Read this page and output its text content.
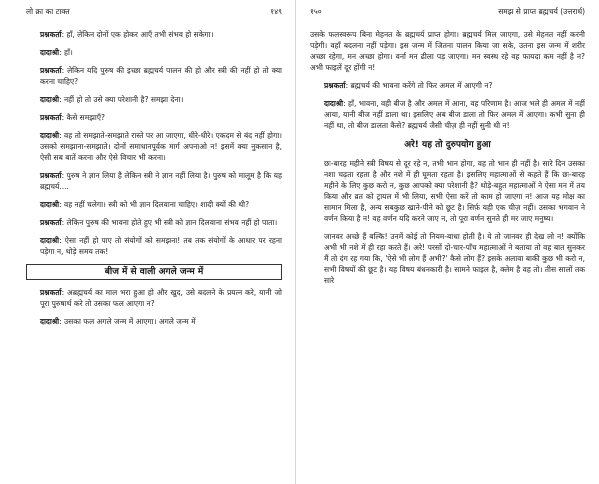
लो क्रा का टाक्त	१४९

प्रश्नकर्ता: हाँ, लेकिन दोनों एक होकर आएँ तभी संभव हो सकेगा।

दादाश्री: हाँ।

प्रश्नकर्ता: लेकिन यदि पुरुष की इच्छा ब्रह्मचर्य पालन की हो और स्त्री की नहीं हो तो क्या करना चाहिए?

दादाश्री: नहीं हो तो उसे क्या परेशानी है? समझा देना।

प्रश्नकर्ता: कैसे समझाएँ?

दादाश्री: वह तो समझाते-समझाते रास्ते पर आ जाएगा, धीरे-धीरे। एकदम से बंद नहीं होगा। उसको समझाना-समझाते। दोनों समाधानपूर्वक मार्ग अपनाओ न! इसमें क्या नुकसान है, ऐसी सब बातें करना और ऐसे विचार भी करना।

प्रश्नकर्ता: पुरुष ने ज्ञान लिया है लेकिन स्त्री ने ज्ञान नहीं लिया है। पुरुष को मालूम है कि यह ब्रह्मचर्य....

दादाश्री: वह नहीं चलेगा। स्त्री को भी ज्ञान दिलवाना चाहिए। शादी क्यों की थी?

प्रश्नकर्ता: लेकिन पुरुष की भावना होते हुए भी स्त्री को ज्ञान दिलवाना संभव नहीं हो पाता।

दादाश्री: ऐसा नहीं हो पाए तो संयोगों को समझना! तब तक संयोगों के आधार पर रहना पड़ेगा न, थोड़े समय तक!

बीज में से वाली अगले जन्म में

प्रश्नकर्ता: अब्रह्मचर्य का माल भरा हुआ हो और खुद, उसे बदलने के प्रयत्न करे, यानी जो पूरा पुरुषार्थ करे तो उसका फल आएगा न?

दादाश्री: उसका फल अगले जन्म में आएगा। अगले जन्म में

१५०	समझ से प्राप्त ब्रह्मचर्य (उत्तरार्ध)

उसके फलस्वरूप बिना मेहनत के ब्रह्मचर्य प्राप्त होगा। ब्रह्मचर्य मिल जाएगा, उसे मेहनत नहीं करनी पड़ेगी। वहाँ बदलना नहीं पड़ेगा। इस जन्म में जितना पालन किया जा सके, उतना इस जन्म में शरीर अच्छा रहेगा, मन अच्छा होगा। वर्ना मन ढीला पड़ जाएगा। मन स्वस्थ रहे वह फायदा कम नहीं है न? अभी फाइलें दूर होंगी न!

प्रश्नकर्ता: ब्रह्मचर्य की भावना करेंगे तो फिर अमल में आएगी न?

दादाश्री: हाँ, भावना, वही बीज है और अमल में आना, वह परिणाम है। आज भले ही अमल में नहीं आया, यानी बीज नहीं डाला था। इसलिए अब बीज डाला तो फिर अमल में आएगा। कभी सुना ही नहीं था, तो बीज डालता कैसे? ब्रह्मचर्य जैसी चीज़ ही नहीं सुनी थी न!

अरे! यह तो दुरुपयोग हुआ

छः-बारह महीने स्त्री विषय से दूर रहे न, तभी भान होगा, वह तो भान ही नहीं है। सारे दिन उसका नशा चढ़ता रहता है और नशे में ही घूमता रहता है। इसलिए महात्माओं से कहते हैं कि छः-बारह महीने के लिए कुछ करो न, कुछ आपको क्या परेशानी है? थोड़े-बहुत महात्माओं ने ऐसा मन में तय किया और व्रत को ट्रायल में भी लिया, सभी ऐसा करें तो काम हो जाएगा न! आज यह मोक्ष का सामान मिला है, अन्य सबकुछ खाने-पीने को छूट है। सिर्फ़ यही एक चीज़ नहीं। उसका भगवान ने वर्णन किया है न! वह वर्णन यदि करने जाए न, तो पूरा वर्णन सुनते ही मर जाए मनुष्य।

जानवर अच्छे हैं बल्कि! उनमें कोई तो नियम-बाधा होती है। ये तो जानवर ही देख लो न! क्योंकि अभी भी नशे में ही रहा करते हैं। अरे! परसों दो-चार-पाँच महात्माओं ने बताया तो वह बात सुनकर मैं तो दंग रह गया कि, 'ऐसे भी लोग हैं अभी?' कैसे लोग हैं? इसके अलावा बाकी कुछ भी करो न, सभी विषयों की छूट है। यह विषय बंधनकारी है। सामने फाइल है, क्लेम है वह तो। तीस सालों तक सारे
